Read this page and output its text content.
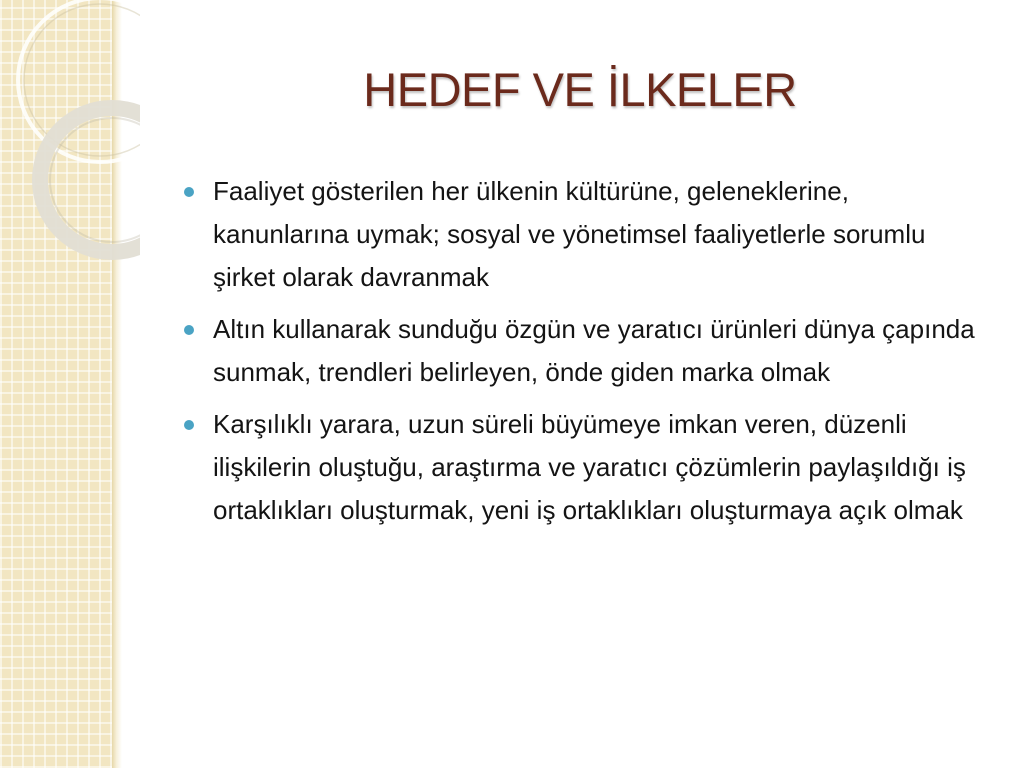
HEDEF VE İLKELER
Faaliyet gösterilen her ülkenin kültürüne, geleneklerine, kanunlarına uymak; sosyal ve yönetimsel faaliyetlerle sorumlu şirket olarak davranmak
Altın kullanarak sunduğu özgün ve yaratıcı ürünleri dünya çapında sunmak, trendleri belirleyen, önde giden marka olmak
Karşılıklı yarara, uzun süreli büyümeye imkan veren, düzenli ilişkilerin oluştuğu, araştırma ve yaratıcı çözümlerin paylaşıldığı iş ortaklıkları oluşturmak, yeni iş ortaklıkları oluşturmaya açık olmak
